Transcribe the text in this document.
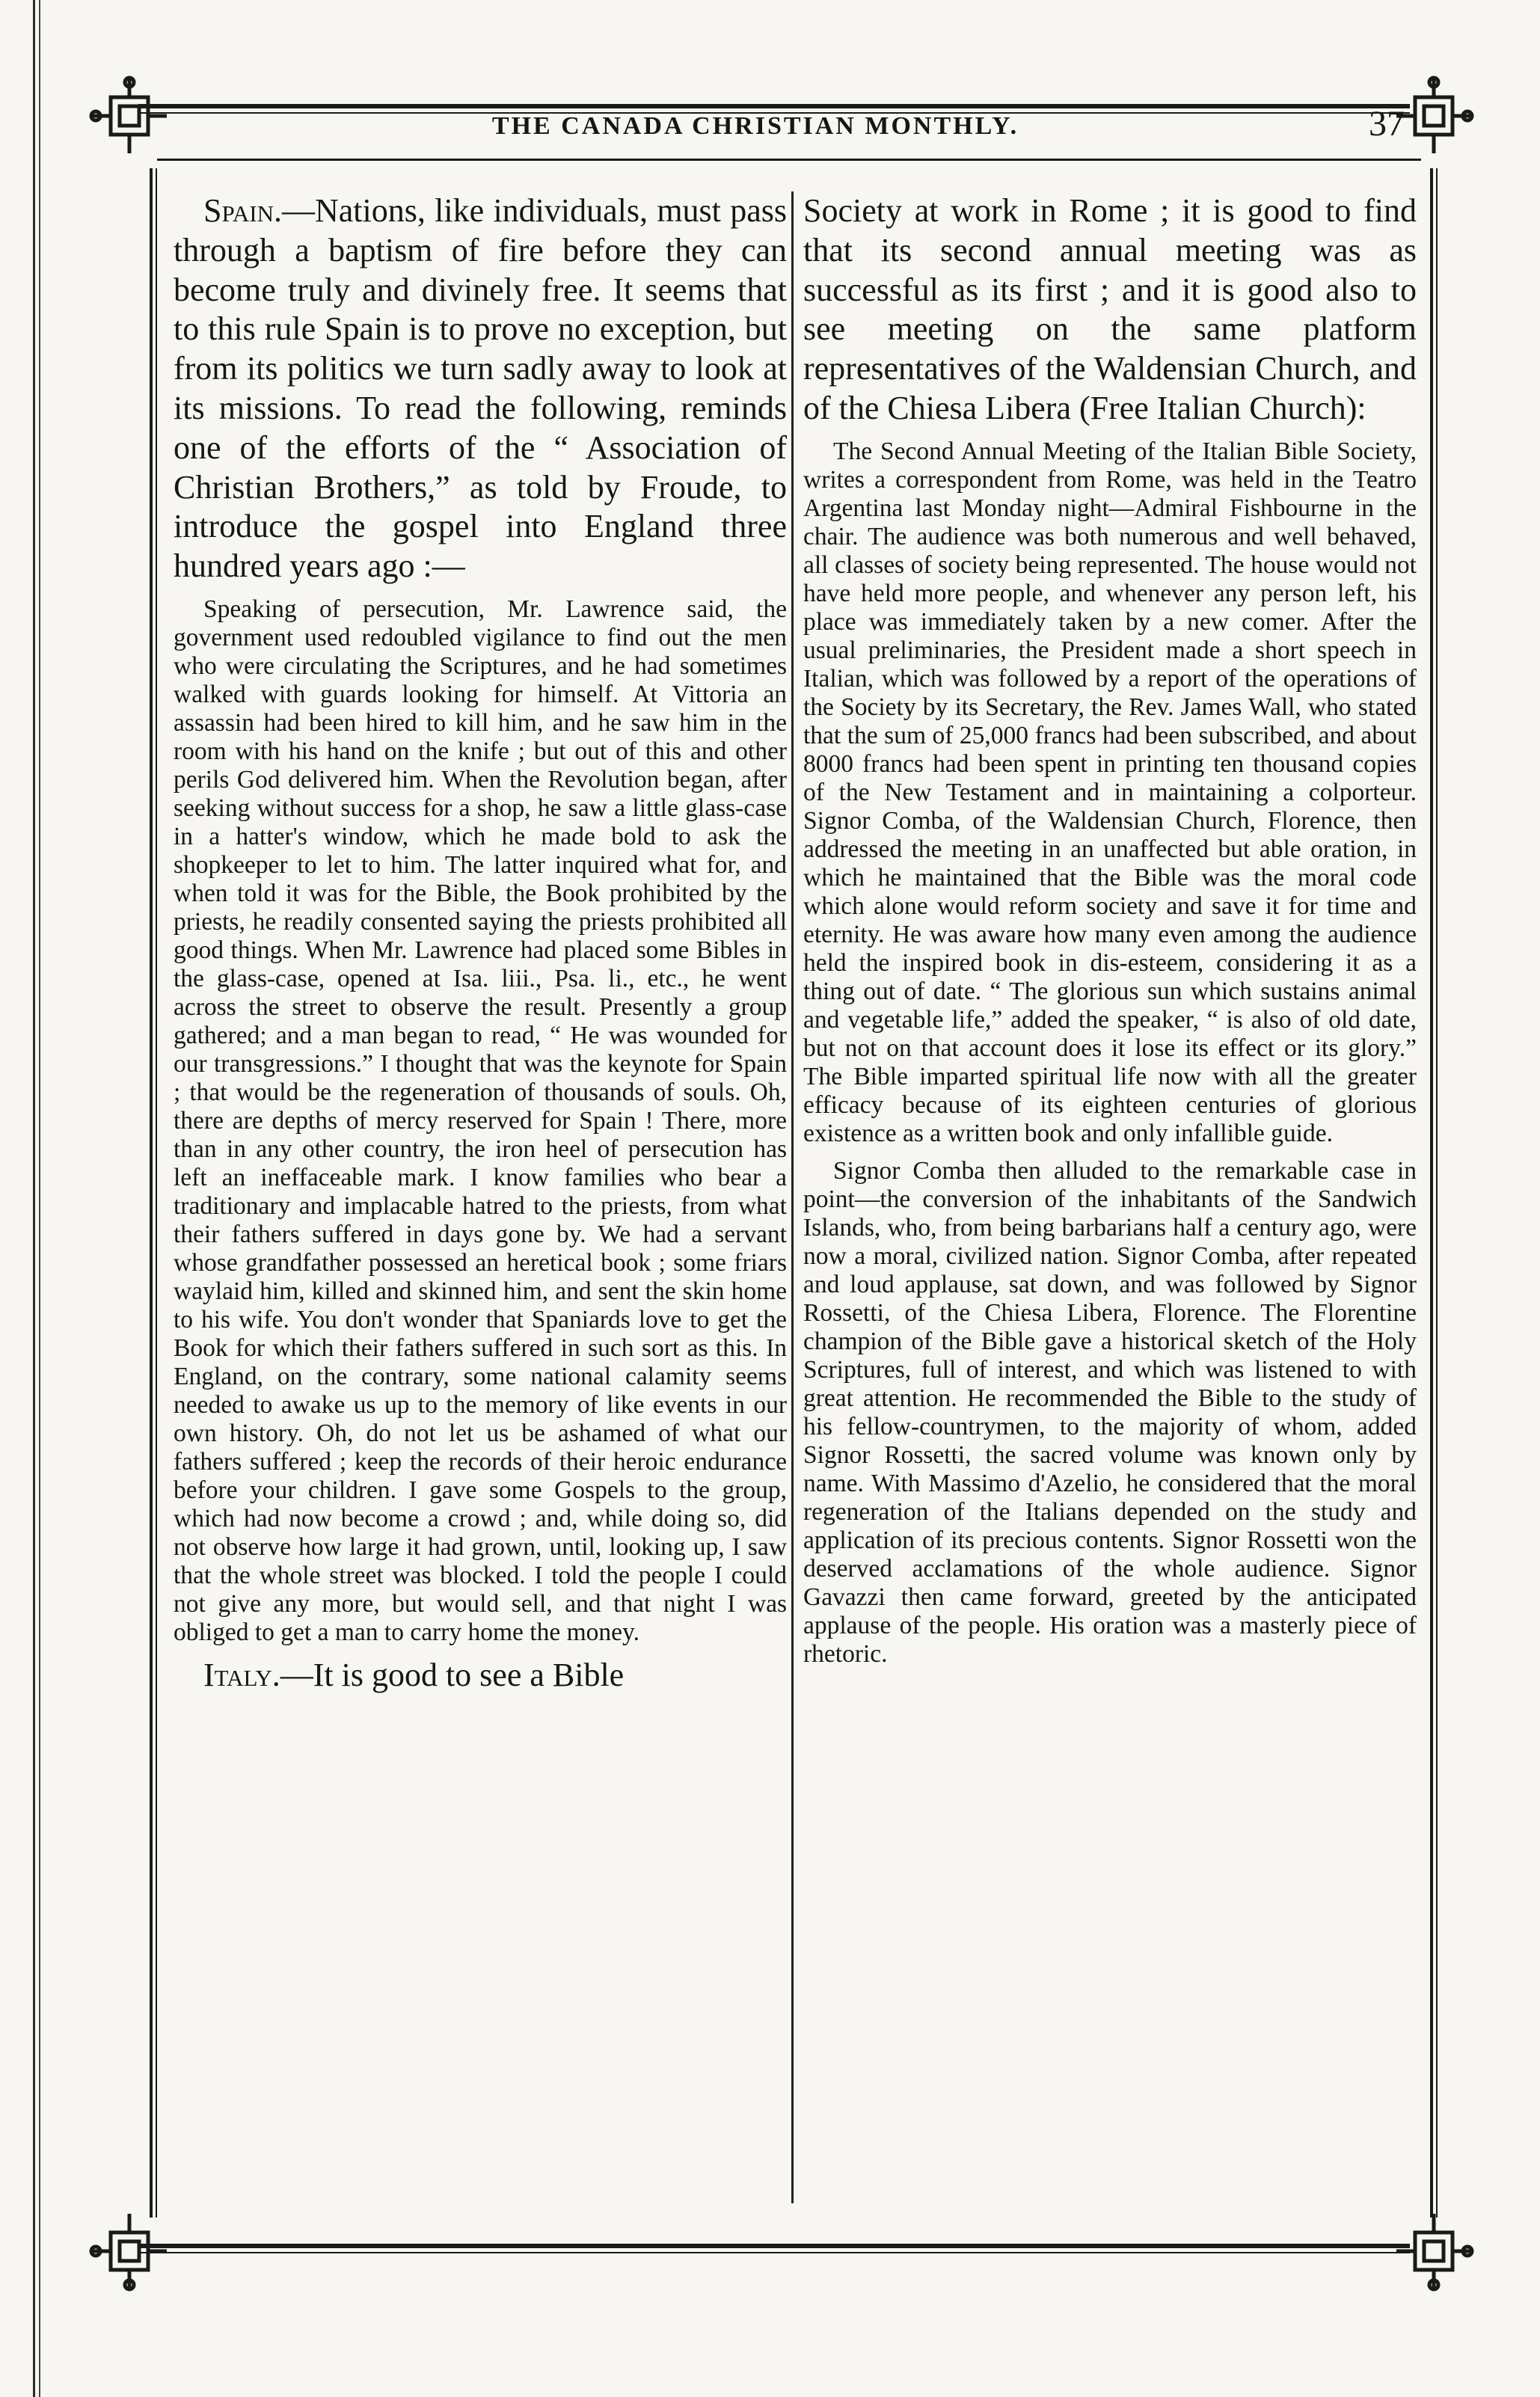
THE CANADA CHRISTIAN MONTHLY.	37

Spain.—Nations, like individuals, must pass through a baptism of fire before they can become truly and divinely free. It seems that to this rule Spain is to prove no exception, but from its politics we turn sadly away to look at its missions. To read the following, reminds one of the efforts of the “ Association of Christian Brothers,” as told by Froude, to introduce the gospel into England three hundred years ago :—

Speaking of persecution, Mr. Lawrence said, the government used redoubled vigilance to find out the men who were circulating the Scriptures, and he had sometimes walked with guards looking for himself. At Vittoria an assassin had been hired to kill him, and he saw him in the room with his hand on the knife ; but out of this and other perils God delivered him. When the Revolution began, after seeking without success for a shop, he saw a little glass-case in a hatter's window, which he made bold to ask the shopkeeper to let to him. The latter inquired what for, and when told it was for the Bible, the Book prohibited by the priests, he readily consented saying the priests prohibited all good things. When Mr. Lawrence had placed some Bibles in the glass-case, opened at Isa. liii., Psa. li., etc., he went across the street to observe the result. Presently a group gathered; and a man began to read, “ He was wounded for our transgressions.” I thought that was the keynote for Spain ; that would be the regeneration of thousands of souls. Oh, there are depths of mercy reserved for Spain ! There, more than in any other country, the iron heel of persecution has left an ineffaceable mark. I know families who bear a traditionary and implacable hatred to the priests, from what their fathers suffered in days gone by. We had a servant whose grandfather possessed an heretical book ; some friars waylaid him, killed and skinned him, and sent the skin home to his wife. You don't wonder that Spaniards love to get the Book for which their fathers suffered in such sort as this. In England, on the contrary, some national calamity seems needed to awake us up to the memory of like events in our own history. Oh, do not let us be ashamed of what our fathers suffered ; keep the records of their heroic endurance before your children. I gave some Gospels to the group, which had now become a crowd ; and, while doing so, did not observe how large it had grown, until, looking up, I saw that the whole street was blocked. I told the people I could not give any more, but would sell, and that night I was obliged to get a man to carry home the money.

Italy.—It is good to see a Bible

Society at work in Rome ; it is good to find that its second annual meeting was as successful as its first ; and it is good also to see meeting on the same platform representatives of the Waldensian Church, and of the Chiesa Libera (Free Italian Church):

The Second Annual Meeting of the Italian Bible Society, writes a correspondent from Rome, was held in the Teatro Argentina last Monday night—Admiral Fishbourne in the chair. The audience was both numerous and well behaved, all classes of society being represented. The house would not have held more people, and whenever any person left, his place was immediately taken by a new comer. After the usual preliminaries, the President made a short speech in Italian, which was followed by a report of the operations of the Society by its Secretary, the Rev. James Wall, who stated that the sum of 25,000 francs had been subscribed, and about 8000 francs had been spent in printing ten thousand copies of the New Testament and in maintaining a colporteur. Signor Comba, of the Waldensian Church, Florence, then addressed the meeting in an unaffected but able oration, in which he maintained that the Bible was the moral code which alone would reform society and save it for time and eternity. He was aware how many even among the audience held the inspired book in dis-esteem, considering it as a thing out of date. “ The glorious sun which sustains animal and vegetable life,” added the speaker, “ is also of old date, but not on that account does it lose its effect or its glory.” The Bible imparted spiritual life now with all the greater efficacy because of its eighteen centuries of glorious existence as a written book and only infallible guide.

Signor Comba then alluded to the remarkable case in point—the conversion of the inhabitants of the Sandwich Islands, who, from being barbarians half a century ago, were now a moral, civilized nation. Signor Comba, after repeated and loud applause, sat down, and was followed by Signor Rossetti, of the Chiesa Libera, Florence. The Florentine champion of the Bible gave a historical sketch of the Holy Scriptures, full of interest, and which was listened to with great attention. He recommended the Bible to the study of his fellow-countrymen, to the majority of whom, added Signor Rossetti, the sacred volume was known only by name. With Massimo d'Azelio, he considered that the moral regeneration of the Italians depended on the study and application of its precious contents. Signor Rossetti won the deserved acclamations of the whole audience. Signor Gavazzi then came forward, greeted by the anticipated applause of the people. His oration was a masterly piece of rhetoric.
